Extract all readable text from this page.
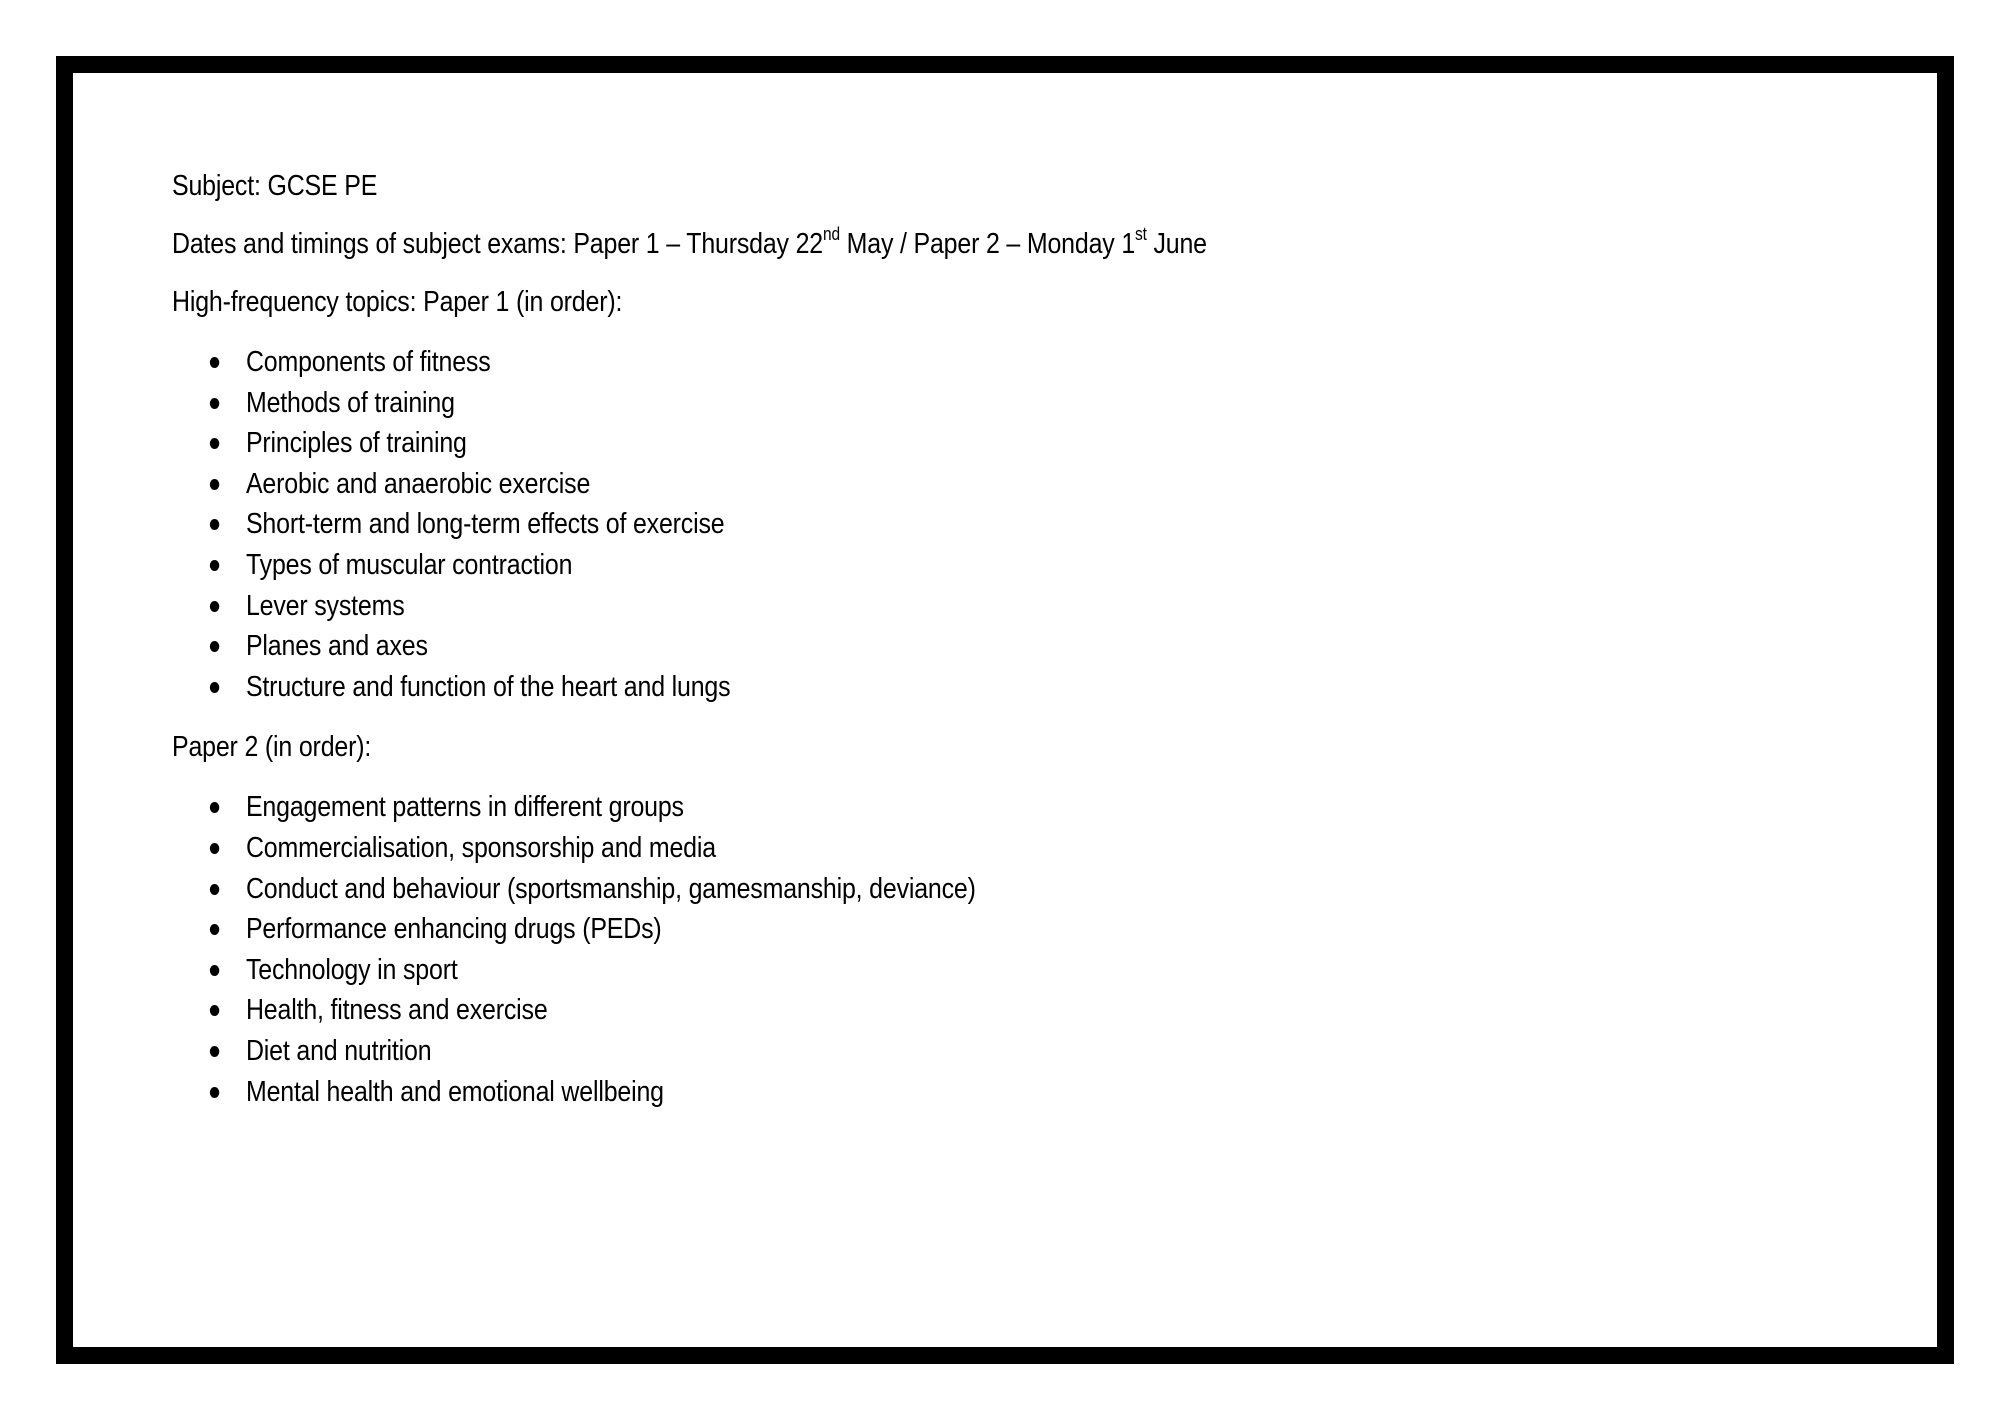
Subject: GCSE PE

Dates and timings of subject exams: Paper 1 – Thursday 22nd May / Paper 2 – Monday 1st June

High-frequency topics: Paper 1 (in order):

Components of fitness
Methods of training
Principles of training
Aerobic and anaerobic exercise
Short-term and long-term effects of exercise
Types of muscular contraction
Lever systems
Planes and axes
Structure and function of the heart and lungs

Paper 2 (in order):

Engagement patterns in different groups
Commercialisation, sponsorship and media
Conduct and behaviour (sportsmanship, gamesmanship, deviance)
Performance enhancing drugs (PEDs)
Technology in sport
Health, fitness and exercise
Diet and nutrition
Mental health and emotional wellbeing
